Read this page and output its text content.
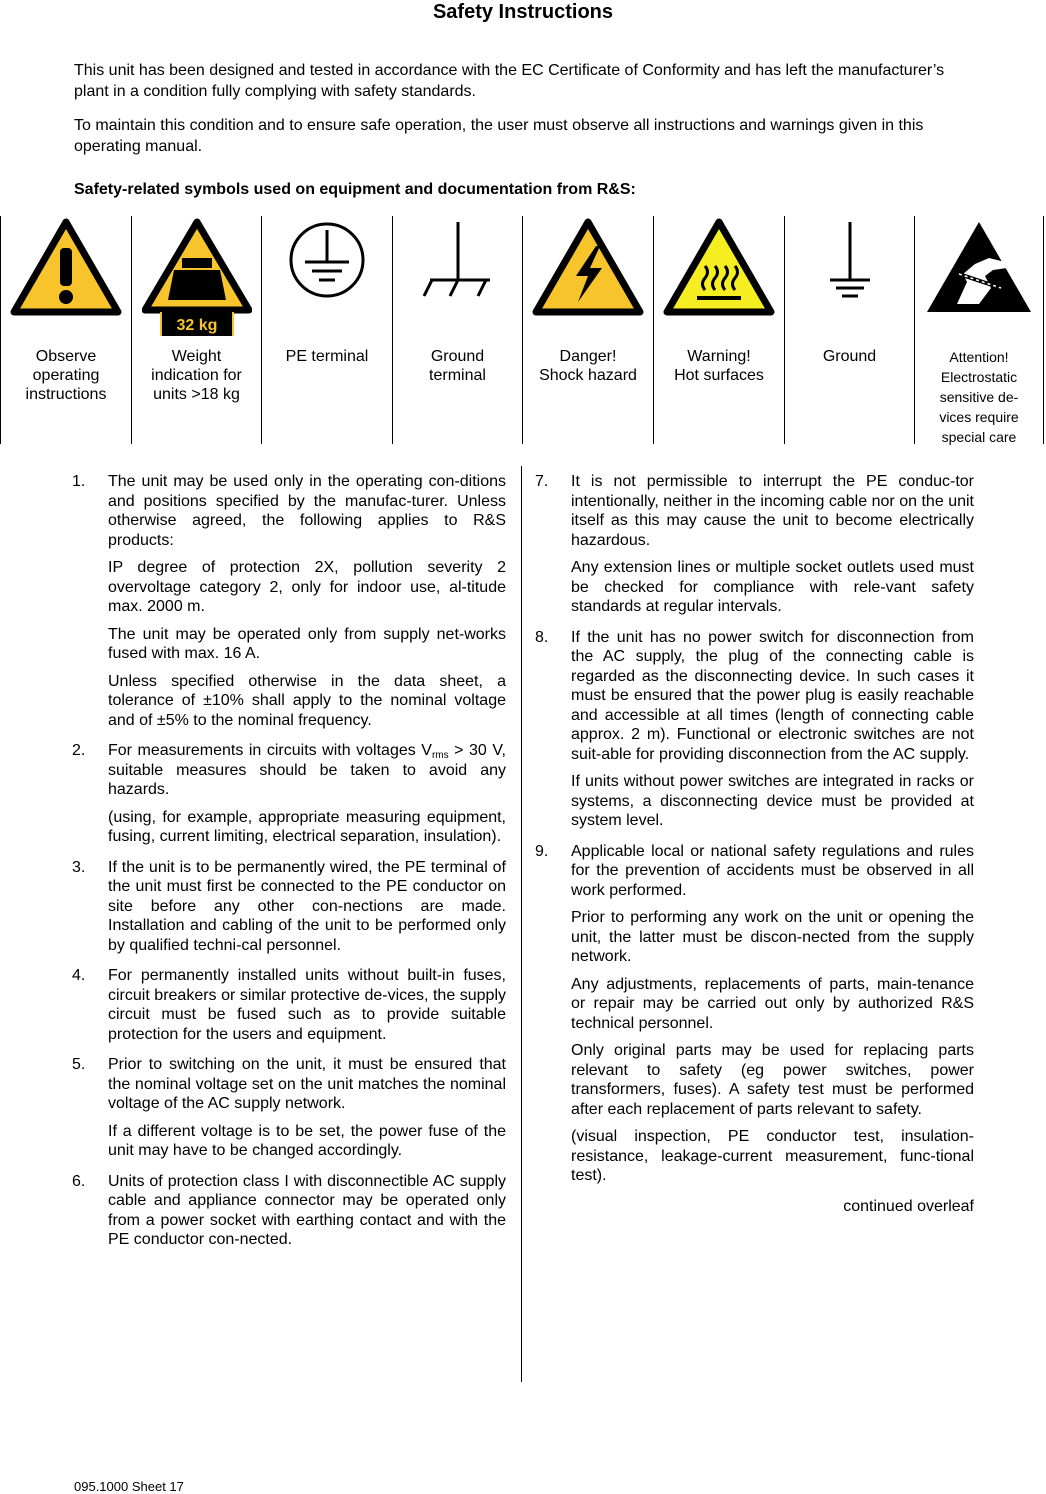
Safety Instructions

This unit has been designed and tested in accordance with the EC Certificate of Conformity and has left the manufacturer’s plant in a condition fully complying with safety standards.

To maintain this condition and to ensure safe operation, the user must observe all instructions and warnings given in this operating manual.

Safety-related symbols used on equipment and documentation from R&S:
Observe
operating
instructions
32 kg
Weight
indication for
units >18 kg
PE terminal	Ground
terminal
Danger!
Shock hazard
Warning!
Hot surfaces
Ground	Attention!
Electrostatic
sensitive de-
vices require
special care
1. The unit may be used only in the operating con-ditions and positions specified by the manufac-turer. Unless otherwise agreed, the following applies to R&S products:

IP degree of protection 2X, pollution severity 2 overvoltage category 2, only for indoor use, al-titude max. 2000 m.

The unit may be operated only from supply net-works fused with max. 16 A.

Unless specified otherwise in the data sheet, a tolerance of ±10% shall apply to the nominal voltage and of ±5% to the nominal frequency.

2. For measurements in circuits with voltages $V_{rms} > 30$ V, suitable measures should be taken to avoid any hazards.

(using, for example, appropriate measuring equipment, fusing, current limiting, electrical separation, insulation).

3. If the unit is to be permanently wired, the PE terminal of the unit must first be connected to the PE conductor on site before any other con-nections are made. Installation and cabling of the unit to be performed only by qualified techni-cal personnel.

4. For permanently installed units without built-in fuses, circuit breakers or similar protective de-vices, the supply circuit must be fused such as to provide suitable protection for the users and equipment.

5. Prior to switching on the unit, it must be ensured that the nominal voltage set on the unit matches the nominal voltage of the AC supply network.

If a different voltage is to be set, the power fuse of the unit may have to be changed accordingly.

6. Units of protection class I with disconnectible AC supply cable and appliance connector may be operated only from a power socket with earthing contact and with the PE conductor con-nected.

7. It is not permissible to interrupt the PE conduc-tor intentionally, neither in the incoming cable nor on the unit itself as this may cause the unit to become electrically hazardous.

Any extension lines or multiple socket outlets used must be checked for compliance with rele-vant safety standards at regular intervals.

8. If the unit has no power switch for disconnection from the AC supply, the plug of the connecting cable is regarded as the disconnecting device. In such cases it must be ensured that the power plug is easily reachable and accessible at all times (length of connecting cable approx. 2 m). Functional or electronic switches are not suit-able for providing disconnection from the AC supply.

If units without power switches are integrated in racks or systems, a disconnecting device must be provided at system level.

9. Applicable local or national safety regulations and rules for the prevention of accidents must be observed in all work performed.

Prior to performing any work on the unit or opening the unit, the latter must be discon-nected from the supply network.

Any adjustments, replacements of parts, main-tenance or repair may be carried out only by authorized R&S technical personnel.

Only original parts may be used for replacing parts relevant to safety (eg power switches, power transformers, fuses). A safety test must be performed after each replacement of parts relevant to safety.

(visual inspection, PE conductor test, insulation-resistance, leakage-current measurement, func-tional test).

continued overleaf
095.1000 Sheet 17
